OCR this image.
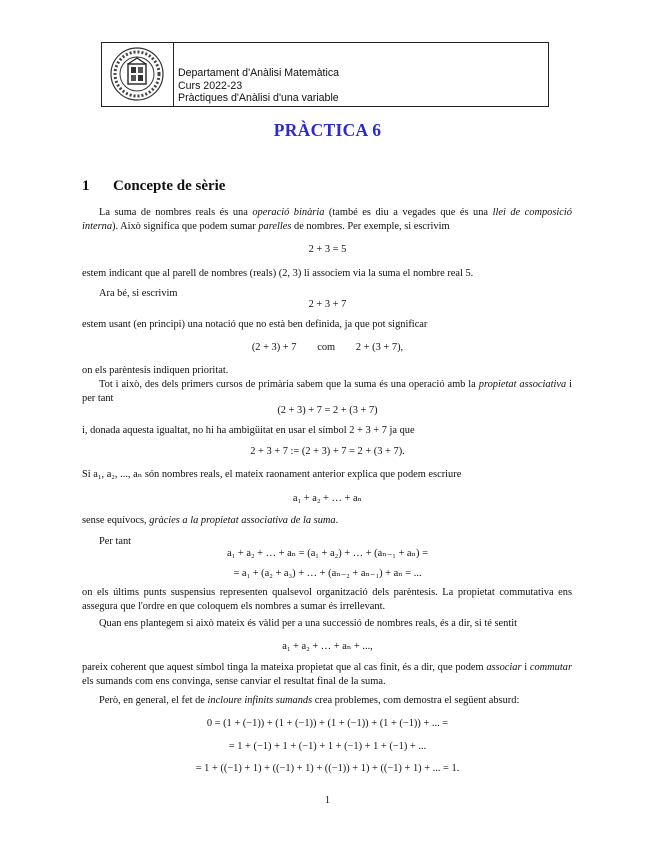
Departament d'Anàlisi Matemàtica
Curs 2022-23
Pràctiques d'Anàlisi d'una variable
PRÀCTICA 6
1 Concepte de sèrie
La suma de nombres reals és una operació binària (també es diu a vegades que és una llei de composició interna). Això significa que podem sumar parelles de nombres. Per exemple, si escrivim
2 + 3 = 5
estem indicant que al parell de nombres (reals) (2, 3) li associem via la suma el nombre real 5.
Ara bé, si escrivim
2 + 3 + 7
estem usant (en principi) una notació que no està ben definida, ja que pot significar
(2 + 3) + 7        com        2 + (3 + 7),
on els parèntesis indiquen prioritat.
Tot i això, des dels primers cursos de primària sabem que la suma és una operació amb la propietat associativa i per tant
(2 + 3) + 7 = 2 + (3 + 7)
i, donada aquesta igualtat, no hi ha ambigüitat en usar el símbol 2 + 3 + 7 ja que
2 + 3 + 7 := (2 + 3) + 7 = 2 + (3 + 7).
Si a₁, a₂, ..., aₙ són nombres reals, el mateix raonament anterior explica que podem escriure
a₁ + a₂ + … + aₙ
sense equívocs, gràcies a la propietat associativa de la suma.
Per tant
a₁ + a₂ + … + aₙ = (a₁ + a₂) + … + (aₙ₋₁ + aₙ) =
= a₁ + (a₂ + a₃) + … + (aₙ₋₂ + aₙ₋₁) + aₙ = ...
on els últims punts suspensius representen qualsevol organització dels parèntesis. La propietat commutativa ens assegura que l'ordre en que coloquem els nombres a sumar és irrellevant.
Quan ens plantegem si això mateix és vàlid per a una successió de nombres reals, és a dir, si té sentit
a₁ + a₂ + … + aₙ + ...,
pareix coherent que aquest símbol tinga la mateixa propietat que al cas finit, és a dir, que podem associar i commutar els sumands com ens convinga, sense canviar el resultat final de la suma.
Però, en general, el fet de incloure infinits sumands crea problemes, com demostra el següent absurd:
0 = (1 + (−1)) + (1 + (−1)) + (1 + (−1)) + (1 + (−1)) + ... =
= 1 + (−1) + 1 + (−1) + 1 + (−1) + 1 + (−1) + ...
= 1 + ((−1) + 1) + ((−1) + 1) + ((−1)) + 1) + ((−1) + 1) + ... = 1.
1
